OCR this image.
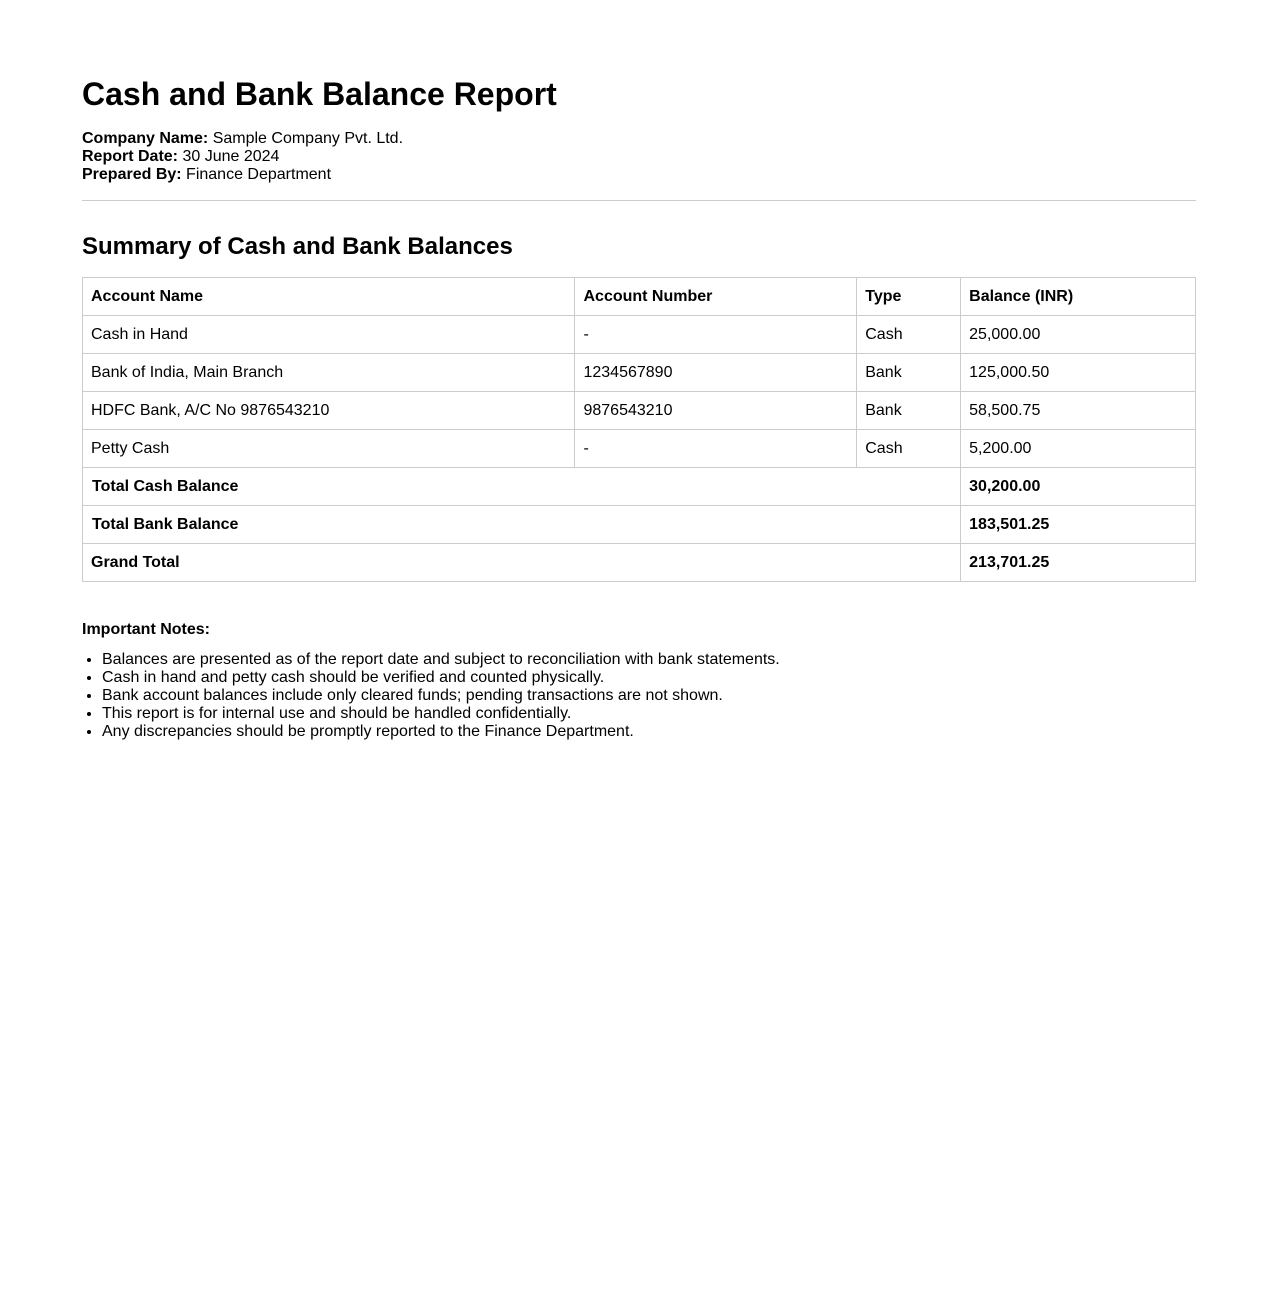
Cash and Bank Balance Report
Company Name: Sample Company Pvt. Ltd.
Report Date: 30 June 2024
Prepared By: Finance Department
Summary of Cash and Bank Balances
Account Name	Account Number	Type	Balance (INR)
Cash in Hand	-	Cash	25,000.00
Bank of India, Main Branch	1234567890	Bank	125,000.50
HDFC Bank, A/C No 9876543210	9876543210	Bank	58,500.75
Petty Cash	-	Cash	5,200.00
Total Cash Balance			30,200.00
Total Bank Balance			183,501.25
Grand Total			213,701.25
Important Notes:
• Balances are presented as of the report date and subject to reconciliation with bank statements.
• Cash in hand and petty cash should be verified and counted physically.
• Bank account balances include only cleared funds; pending transactions are not shown.
• This report is for internal use and should be handled confidentially.
• Any discrepancies should be promptly reported to the Finance Department.
